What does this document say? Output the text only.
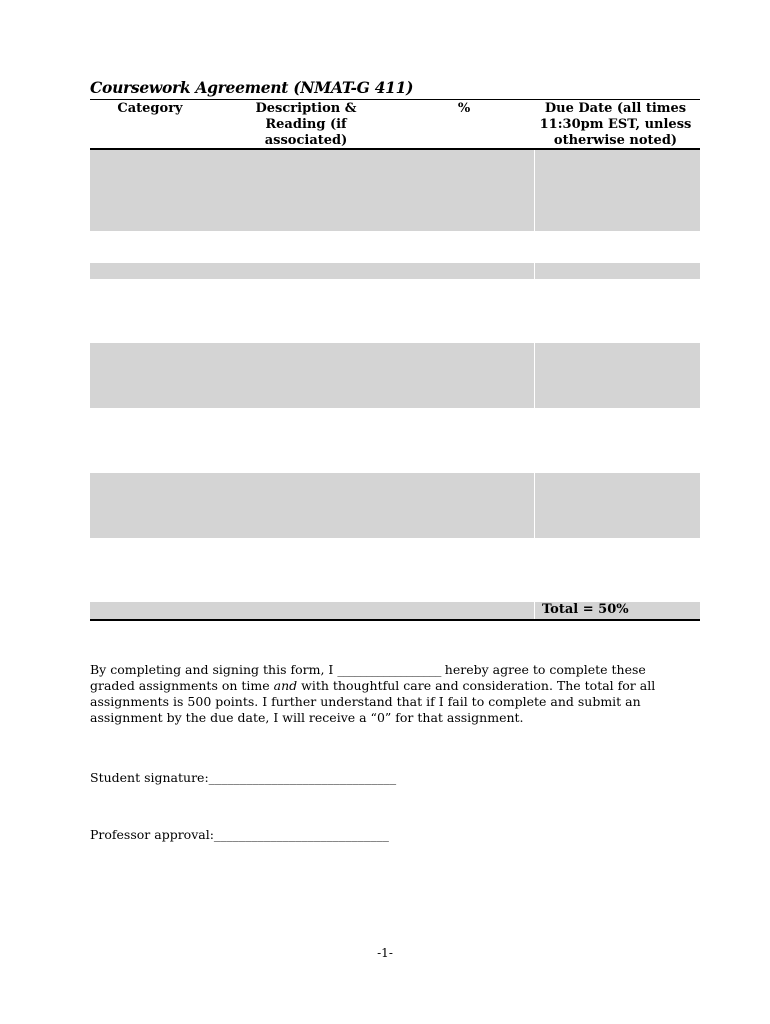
Coursework Agreement (NMAT-G 411)
Category	Description & Reading (if associated)
%	Due Date (all times 11:30pm EST, unless otherwise noted)
Total = 50%
By completing and signing this form, I __________________ hereby agree to complete these graded assignments on time and with thoughtful care and consideration. The total for all assignments is 500 points. I further understand that if I fail to complete and submit an assignment by the due date, I will receive a “0” for that assignment.
Student signature:______________________________
Professor approval:____________________________
-1-
